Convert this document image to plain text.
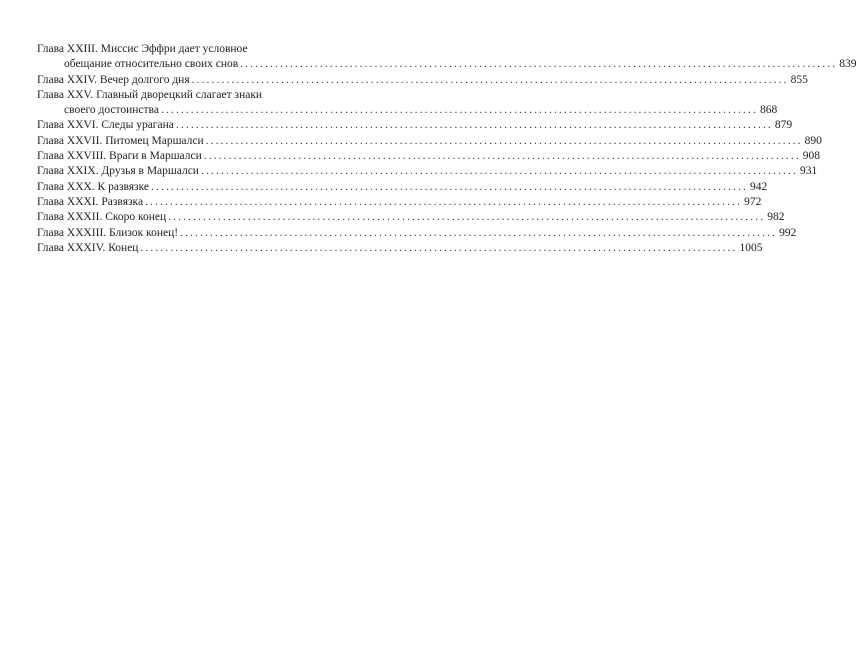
Глава XXIII. Миссис Эффри дает условное
обещание относительно своих снов ........................................................................................................................ 839
Глава XXIV. Вечер долгого дня ........................................................................................................................ 855
Глава XXV. Главный дворецкий слагает знаки
своего достоинства ........................................................................................................................ 868
Глава XXVI. Следы урагана ........................................................................................................................ 879
Глава XXVII. Питомец Маршалси ........................................................................................................................ 890
Глава XXVIII. Враги в Маршалси ........................................................................................................................ 908
Глава XXIX. Друзья в Маршалси ........................................................................................................................ 931
Глава XXX. К развязке ........................................................................................................................ 942
Глава XXXI. Развязка ........................................................................................................................ 972
Глава XXXII. Скоро конец ........................................................................................................................ 982
Глава XXXIII. Близок конец! ........................................................................................................................ 992
Глава XXXIV. Конец ........................................................................................................................ 1005
